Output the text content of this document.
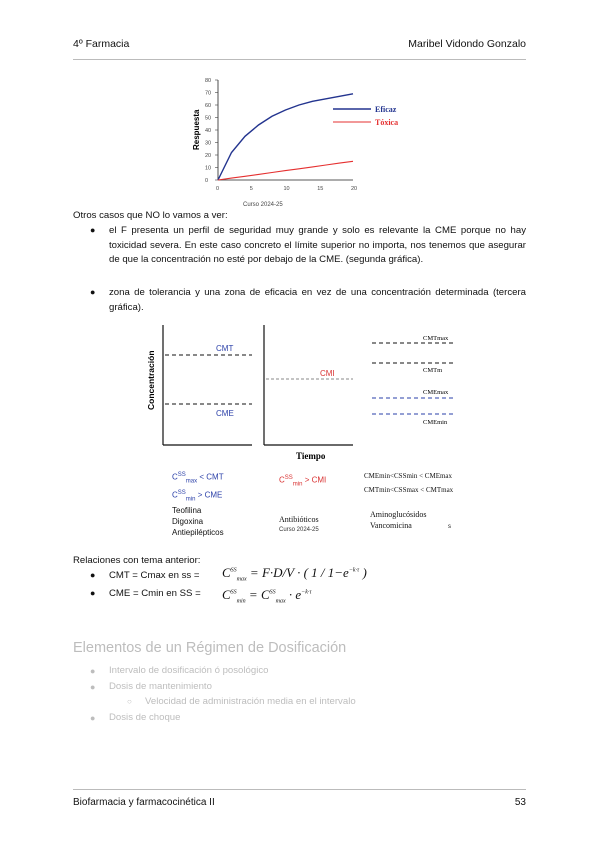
4º Farmacia	Maribel Vidondo Gonzalo
80
70
60
50
40
30
20
10
0
0	5	10	15	20
Eficaz
Tóxica
Respuesta
Curso 2024-25
Otros casos que NO lo vamos a ver:
● el F presenta un perfil de seguridad muy grande y solo es relevante la CME porque no hay toxicidad severa. En este caso concreto el límite superior no importa, nos tenemos que asegurar de que la concentración no esté por debajo de la CME. (segunda gráfica).
● zona de tolerancia y una zona de eficacia en vez de una concentración determinada (tercera gráfica).
Concentración
CMT
CME
CMI
Tiempo
CMTmax
CMTm
CMEmax
CMEmin
$C^{SS}_{max}$ < CMT
$C^{SS}_{min}$ > CME
$C^{SS}_{min}$ > CMI	CMEmin<CSSmin < CMEmax
CMTmin<CSSmax < CMTmax
Teofilina
Digoxina
Antiepilépticos
Antibióticos
Curso 2024-25
Aminoglucósidos
Vancomicina	s
Relaciones con tema anterior:
● CMT = Cmax en ss = $C^{SS}_{max} = F\cdot D/V$ · ( $1 / 1-e^{-k\cdot\tau}$ )
● CME = Cmin en SS = $C^{SS}_{min} = C^{SS}_{max} \cdot e^{-k\cdot\tau}$
Elementos de un Régimen de Dosificación
● Intervalo de dosificación ó posológico
● Dosis de mantenimiento
○ Velocidad de administración media en el intervalo
● Dosis de choque
Biofarmacia y farmacocinética II	53
